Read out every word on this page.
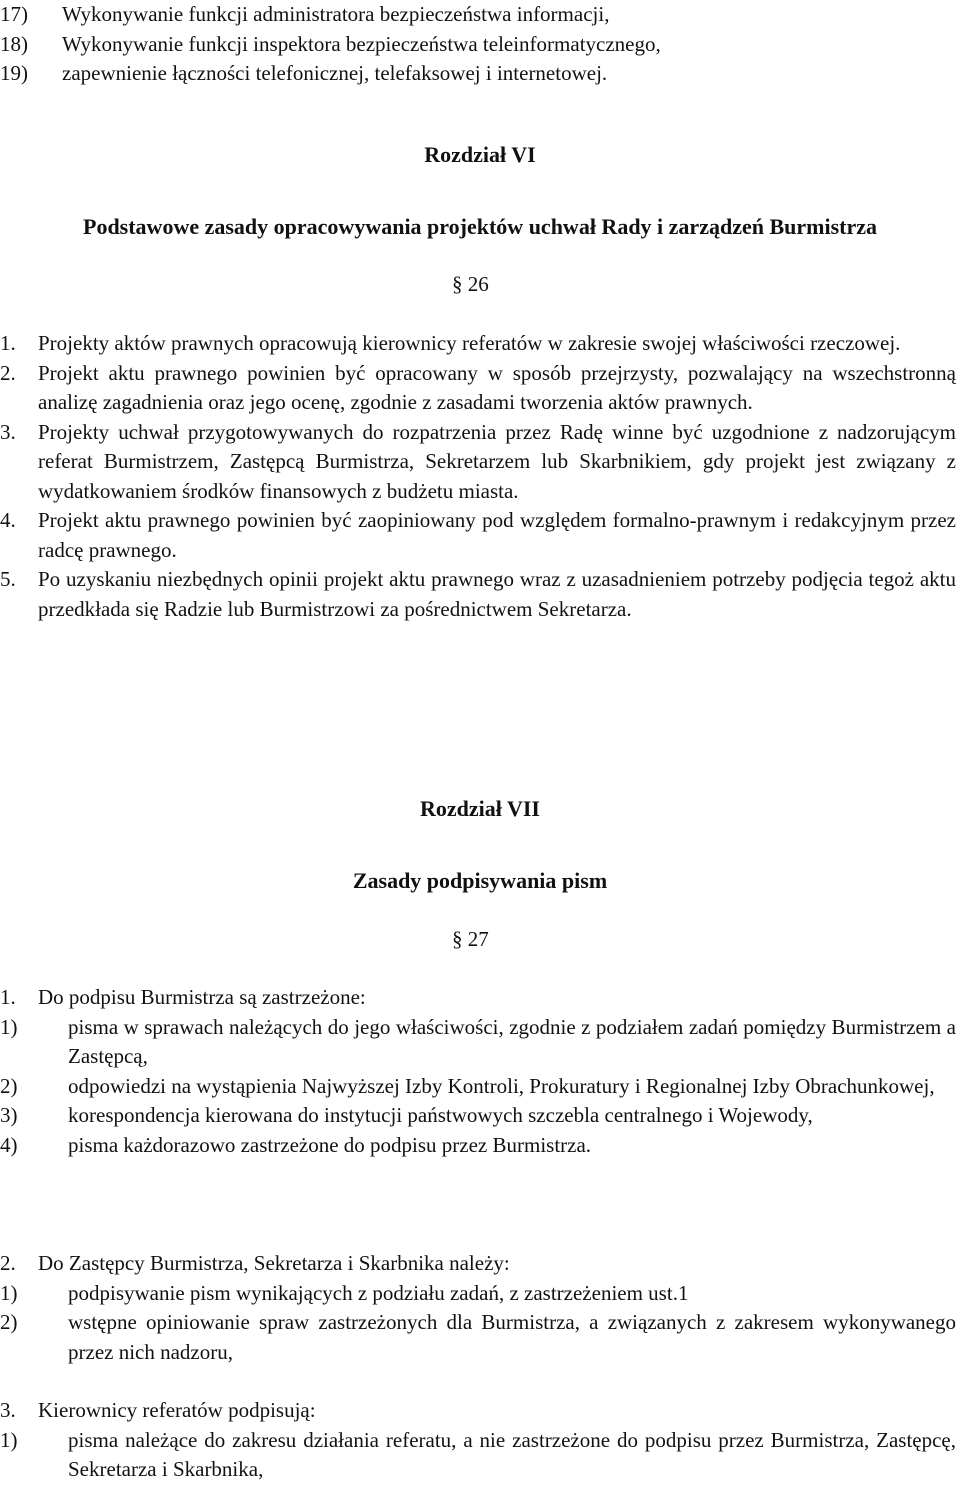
17)	Wykonywanie funkcji administratora bezpieczeństwa informacji,
18)	Wykonywanie funkcji inspektora bezpieczeństwa teleinformatycznego,
19)	zapewnienie łączności telefonicznej, telefaksowej i internetowej.
Rozdział VI
Podstawowe zasady opracowywania projektów uchwał Rady i zarządzeń Burmistrza
§ 26
1.	Projekty aktów prawnych opracowują kierownicy referatów w zakresie swojej właściwości rzeczowej.
2.	Projekt aktu prawnego powinien być opracowany w sposób przejrzysty, pozwalający na wszechstronną analizę zagadnienia oraz jego ocenę, zgodnie z zasadami tworzenia aktów prawnych.
3.	Projekty uchwał przygotowywanych do rozpatrzenia przez Radę winne być uzgodnione z nadzorującym referat Burmistrzem, Zastępcą Burmistrza, Sekretarzem lub Skarbnikiem, gdy projekt jest związany z wydatkowaniem środków finansowych z budżetu miasta.
4.	Projekt aktu prawnego powinien być zaopiniowany pod względem formalno-prawnym i redakcyjnym przez radcę prawnego.
5.	Po uzyskaniu niezbędnych opinii projekt aktu prawnego wraz z uzasadnieniem potrzeby podjęcia tegoż aktu przedkłada się Radzie lub Burmistrzowi za pośrednictwem Sekretarza.
Rozdział VII
Zasady podpisywania pism
§ 27
1.	Do podpisu Burmistrza są zastrzeżone:
1)	pisma w sprawach należących do jego właściwości, zgodnie z podziałem zadań pomiędzy Burmistrzem a Zastępcą,
2)	odpowiedzi na wystąpienia Najwyższej Izby Kontroli, Prokuratury i Regionalnej Izby Obrachunkowej,
3)	korespondencja kierowana do instytucji państwowych szczebla centralnego i Wojewody,
4)	pisma każdorazowo zastrzeżone do podpisu przez Burmistrza.
2.	Do Zastępcy Burmistrza, Sekretarza i Skarbnika należy:
1)	podpisywanie pism wynikających z podziału zadań, z zastrzeżeniem ust.1
2)	wstępne opiniowanie spraw zastrzeżonych dla Burmistrza, a związanych z zakresem wykonywanego przez nich nadzoru,
3.	Kierownicy referatów podpisują:
1)	pisma należące do zakresu działania referatu, a nie zastrzeżone do podpisu przez Burmistrza, Zastępcę, Sekretarza i Skarbnika,
